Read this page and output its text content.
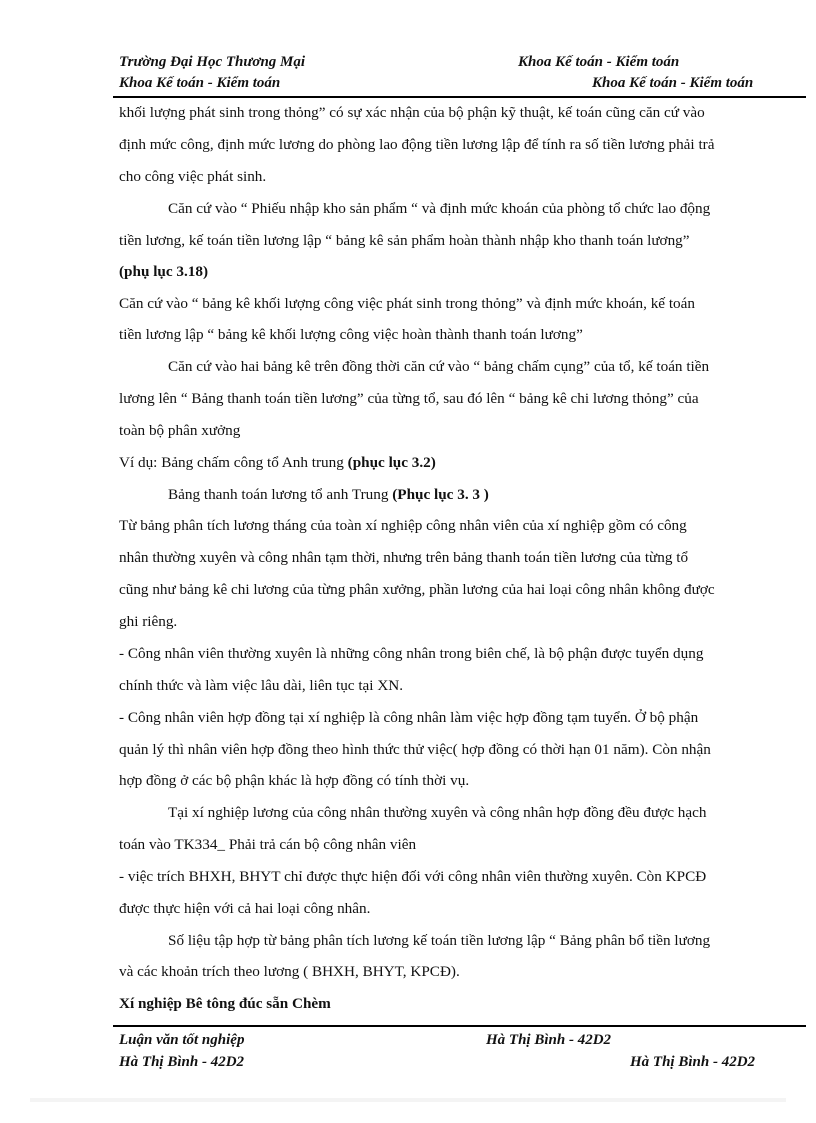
Trường Đại Học Thương Mại	Khoa Kế toán - Kiểm toán
Khoa Kế toán - Kiểm toán	Khoa Kế toán - Kiểm toán
khối lượng phát sinh trong thỏng” có sự xác nhận của bộ phận kỹ thuật, kế toán cũng căn cứ vào
định mức công, định mức lương do phòng lao động tiền lương lập để tính ra số tiền lương phải trả
cho công việc phát sinh.
Căn cứ vào “ Phiếu nhập kho sản phẩm “ và định mức khoán của phòng tổ chức lao động
tiền lương, kế toán tiền lương lập “ bảng kê sản phẩm hoàn thành nhập kho thanh toán lương”
(phụ lục 3.18)
Căn cứ vào “ bảng kê khối lượng công việc phát sinh trong thỏng” và định mức khoán, kế toán
tiền lương lập “ bảng kê khối lượng công việc hoàn thành thanh toán lương”
Căn cứ vào hai bảng kê trên đồng thời căn cứ vào “ bảng chấm cụng” của tổ, kế toán tiền
lương lên “ Bảng thanh toán tiền lương” của từng tổ, sau đó lên “ bảng kê chi lương thỏng” của
toàn bộ phân xưởng
Ví dụ: Bảng chấm công tổ Anh trung (phục lục 3.2)
Bảng thanh toán lương tổ anh Trung (Phục lục 3. 3 )
Từ bảng phân tích lương tháng của toàn xí nghiệp công nhân viên của xí nghiệp gồm có công
nhân thường xuyên và công nhân tạm thời, nhưng trên bảng thanh toán tiền lương của từng tổ
cũng như bảng kê chi lương của từng phân xưởng, phần lương của hai loại công nhân không được
ghi riêng.
- Công nhân viên thường xuyên là những công nhân trong biên chế, là bộ phận được tuyển dụng
chính thức và làm việc lâu dài, liên tục tại XN.
- Công nhân viên hợp đồng tại xí nghiệp là công nhân làm việc hợp đồng tạm tuyển. Ở bộ phận
quản lý thì nhân viên hợp đồng theo hình thức thử việc( hợp đồng có thời hạn 01 năm). Còn nhận
hợp đồng ở các bộ phận khác là hợp đồng có tính thời vụ.
Tại xí nghiệp lương của công nhân thường xuyên và công nhân hợp đồng đều được hạch
toán vào TK334_ Phải trả cán bộ công nhân viên
- việc trích BHXH, BHYT chỉ được thực hiện đối với công nhân viên thường xuyên. Còn KPCĐ
được thực hiện với cả hai loại công nhân.
Số liệu tập hợp từ bảng phân tích lương kế toán tiền lương lập “ Bảng phân bổ tiền lương
và các khoản trích theo lương ( BHXH, BHYT, KPCĐ).
Xí nghiệp Bê tông đúc sẵn Chèm
Luận văn tốt nghiệp	Hà Thị Bình - 42D2
Hà Thị Bình - 42D2	Hà Thị Bình - 42D2
